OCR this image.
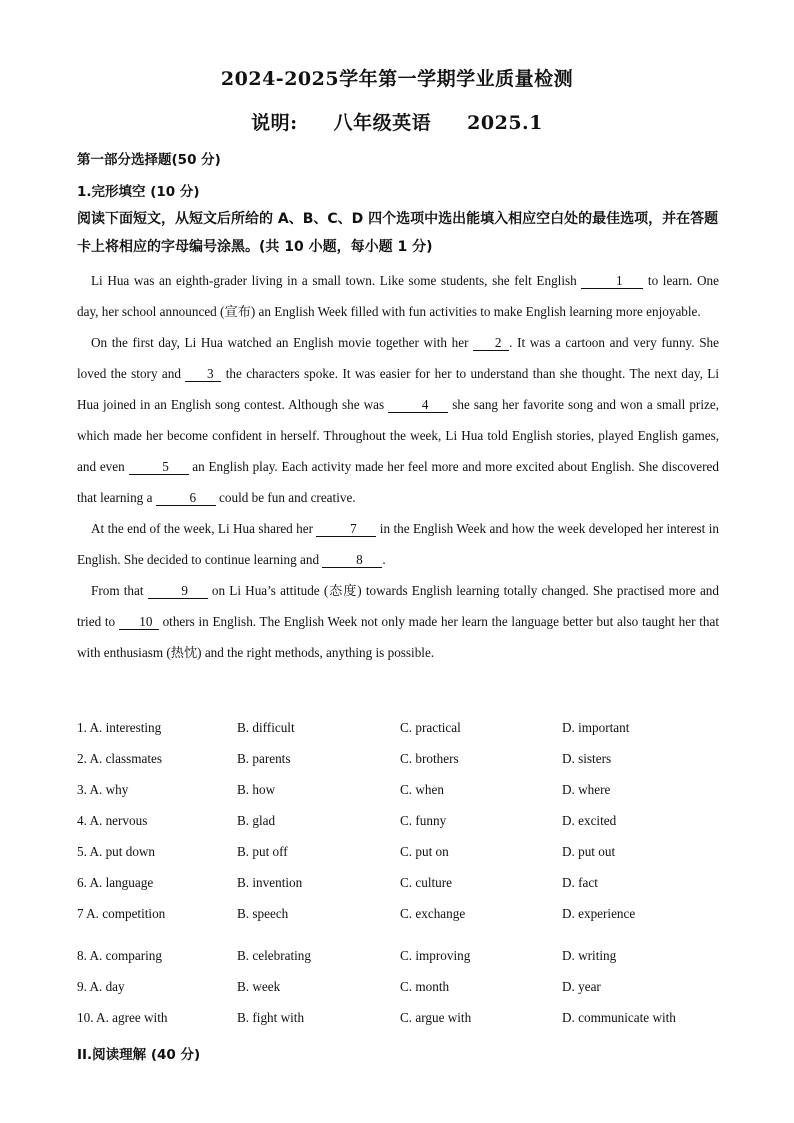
2024-2025学年第一学期学业质量检测
说明: 八年级英语 2025.1
第一部分选择题(50 分)
1.完形填空 (10 分)
阅读下面短文，从短文后所给的 A、B、C、D 四个选项中选出能填入相应空白处的最佳选项，并在答题卡上将相应的字母编号涂黑。(共 10 小题，每小题 1 分)

Li Hua was an eighth-grader living in a small town. Like some students, she felt English	1 to learn. One day, her school announced (宣布) an English Week filled with fun activities to make English learning more enjoyable.

On the first day, Li Hua watched an English movie together with her 2 . It was a cartoon and very funny. She loved the story and 3 the characters spoke. It was easier for her to understand than she thought. The next day, Li Hua joined in an English song contest. Although she was	4 she sang her favorite song and won a small prize, which made her become confident in herself. Throughout the week, Li Hua told English stories, played English games, and even	5 an English play. Each activity made her feel more and more excited about English. She discovered that learning a	6 could be fun and creative.

At the end of the week, Li Hua shared her	7 in the English Week and how the week developed her interest in English. She decided to continue learning and	8 .

From that	9 on Li Hua’s attitude (态度) towards English learning totally changed. She practised more and tried to 10 others in English. The English Week not only made her learn the language better but also taught her that with enthusiasm (热忱) and the right methods, anything is possible.

1. A. interesting	B. difficult	C. practical	D. important
2. A. classmates	B. parents	C. brothers	D. sisters
3. A. why	B. how	C. when	D. where
4. A. nervous	B. glad	C. funny	D. excited
5. A. put down	B. put off	C. put on	D. put out
6. A. language	B. invention	C. culture	D. fact
7 A. competition	B. speech	C. exchange	D. experience
8. A. comparing	B. celebrating	C. improving	D. writing
9. A. day	B. week	C. month	D. year
10. A. agree with	B. fight with	C. argue with	D. communicate with
II.阅读理解 (40 分)
